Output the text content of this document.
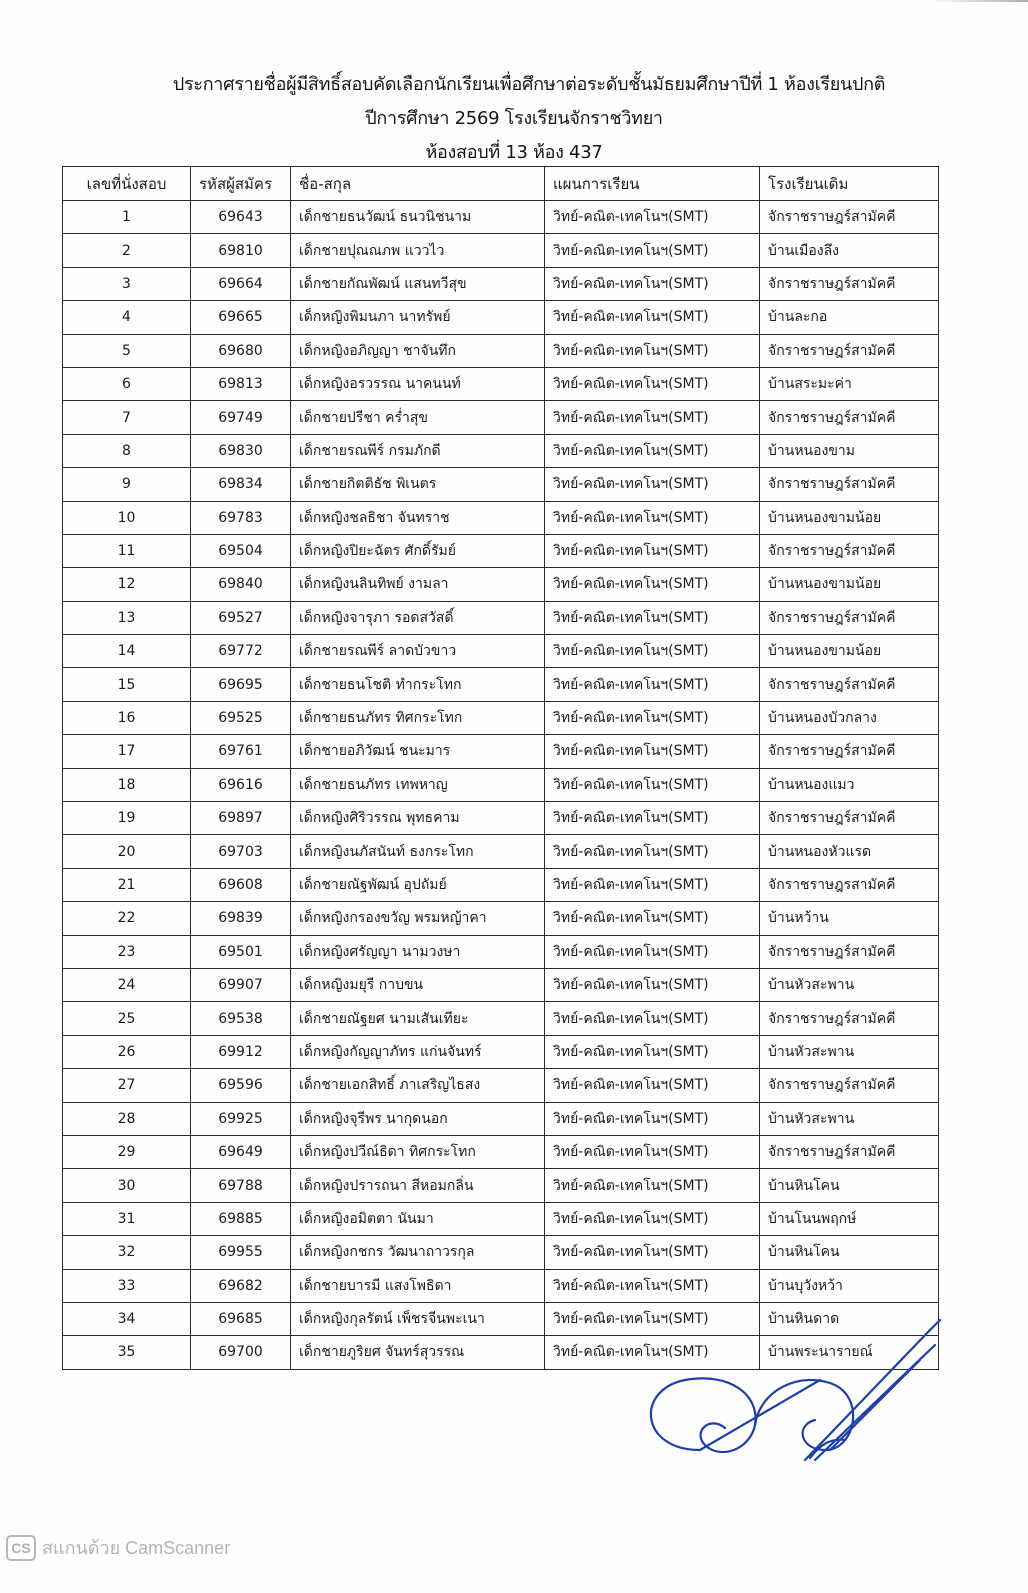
ประกาศรายชื่อผู้มีสิทธิ์สอบคัดเลือกนักเรียนเพื่อศึกษาต่อระดับชั้นมัธยมศึกษาปีที่ 1 ห้องเรียนปกติ
ปีการศึกษา 2569 โรงเรียนจักราชวิทยา
ห้องสอบที่ 13 ห้อง 437
เลขที่นั่งสอบ	รหัสผู้สมัคร	ชื่อ-สกุล	แผนการเรียน	โรงเรียนเดิม
1	69643	เด็กชายธนวัฒน์ ธนวนิชนาม	วิทย์-คณิต-เทคโนฯ(SMT)	จักราชราษฎร์สามัคคี
2	69810	เด็กชายปุณณภพ แววไว	วิทย์-คณิต-เทคโนฯ(SMT)	บ้านเมืองลึง
3	69664	เด็กชายกัณพัฒน์ แสนทวีสุข	วิทย์-คณิต-เทคโนฯ(SMT)	จักราชราษฎร์สามัคคี
4	69665	เด็กหญิงพิมนภา นาทรัพย์	วิทย์-คณิต-เทคโนฯ(SMT)	บ้านละกอ
5	69680	เด็กหญิงอภิญญา ชาจันทึก	วิทย์-คณิต-เทคโนฯ(SMT)	จักราชราษฎร์สามัคคี
6	69813	เด็กหญิงอรวรรณ นาคนนท์	วิทย์-คณิต-เทคโนฯ(SMT)	บ้านสระมะค่า
7	69749	เด็กชายปรีชา คร่ำสุข	วิทย์-คณิต-เทคโนฯ(SMT)	จักราชราษฎร์สามัคคี
8	69830	เด็กชายรณพีร์ กรมภักดี	วิทย์-คณิต-เทคโนฯ(SMT)	บ้านหนองขาม
9	69834	เด็กชายกิตติธัช พิเนตร	วิทย์-คณิต-เทคโนฯ(SMT)	จักราชราษฎร์สามัคคี
10	69783	เด็กหญิงชลธิชา จันทราช	วิทย์-คณิต-เทคโนฯ(SMT)	บ้านหนองขามน้อย
11	69504	เด็กหญิงปิยะฉัตร ศักดิ์รัมย์	วิทย์-คณิต-เทคโนฯ(SMT)	จักราชราษฎร์สามัคคี
12	69840	เด็กหญิงนลินทิพย์ งามลา	วิทย์-คณิต-เทคโนฯ(SMT)	บ้านหนองขามน้อย
13	69527	เด็กหญิงจารุภา รอดสวัสดิ์	วิทย์-คณิต-เทคโนฯ(SMT)	จักราชราษฎร์สามัคคี
14	69772	เด็กชายรณพีร์ ลาดบัวขาว	วิทย์-คณิต-เทคโนฯ(SMT)	บ้านหนองขามน้อย
15	69695	เด็กชายธนโชติ ทำกระโทก	วิทย์-คณิต-เทคโนฯ(SMT)	จักราชราษฎร์สามัคคี
16	69525	เด็กชายธนภัทร ทิศกระโทก	วิทย์-คณิต-เทคโนฯ(SMT)	บ้านหนองบัวกลาง
17	69761	เด็กชายอภิวัฒน์ ชนะมาร	วิทย์-คณิต-เทคโนฯ(SMT)	จักราชราษฎร์สามัคคี
18	69616	เด็กชายธนภัทร เทพหาญ	วิทย์-คณิต-เทคโนฯ(SMT)	บ้านหนองแมว
19	69897	เด็กหญิงศิริวรรณ พุทธคาม	วิทย์-คณิต-เทคโนฯ(SMT)	จักราชราษฎร์สามัคคี
20	69703	เด็กหญิงนภัสนันท์ ธงกระโทก	วิทย์-คณิต-เทคโนฯ(SMT)	บ้านหนองหัวแรด
21	69608	เด็กชายณัฐพัฒน์ อุปถัมย์	วิทย์-คณิต-เทคโนฯ(SMT)	จักราชราษฎรสามัคคี
22	69839	เด็กหญิงกรองขวัญ พรมหญ้าคา	วิทย์-คณิต-เทคโนฯ(SMT)	บ้านหว้าน
23	69501	เด็กหญิงศรัญญา นามวงษา	วิทย์-คณิต-เทคโนฯ(SMT)	จักราชราษฎร์สามัคคี
24	69907	เด็กหญิงมยุรี กาบขน	วิทย์-คณิต-เทคโนฯ(SMT)	บ้านหัวสะพาน
25	69538	เด็กชายณัฐยศ นามเสันเทียะ	วิทย์-คณิต-เทคโนฯ(SMT)	จักราชราษฎร์สามัคคี
26	69912	เด็กหญิงกัญญาภัทร แก่นจันทร์	วิทย์-คณิต-เทคโนฯ(SMT)	บ้านหัวสะพาน
27	69596	เด็กชายเอกสิทธิ์ ภาเสริญไธสง	วิทย์-คณิต-เทคโนฯ(SMT)	จักราชราษฎร์สามัคคี
28	69925	เด็กหญิงจุรีพร นากุดนอก	วิทย์-คณิต-เทคโนฯ(SMT)	บ้านหัวสะพาน
29	69649	เด็กหญิงปวีณ์ธิดา ทิศกระโทก	วิทย์-คณิต-เทคโนฯ(SMT)	จักราชราษฎร์สามัคคี
30	69788	เด็กหญิงปรารถนา สีหอมกลิ่น	วิทย์-คณิต-เทคโนฯ(SMT)	บ้านหินโคน
31	69885	เด็กหญิงอมิตตา นันมา	วิทย์-คณิต-เทคโนฯ(SMT)	บ้านโนนพฤกษ์
32	69955	เด็กหญิงกชกร วัฒนาถาวรกุล	วิทย์-คณิต-เทคโนฯ(SMT)	บ้านหินโคน
33	69682	เด็กชายบารมี แสงโพธิดา	วิทย์-คณิต-เทคโนฯ(SMT)	บ้านบุวังหว้า
34	69685	เด็กหญิงกุลรัตน์ เพ็ชรจีนพะเนา	วิทย์-คณิต-เทคโนฯ(SMT)	บ้านหินดาด
35	69700	เด็กชายภูริยศ จันทร์สุวรรณ	วิทย์-คณิต-เทคโนฯ(SMT)	บ้านพระนารายณ์
CS สแกนด้วย CamScanner
